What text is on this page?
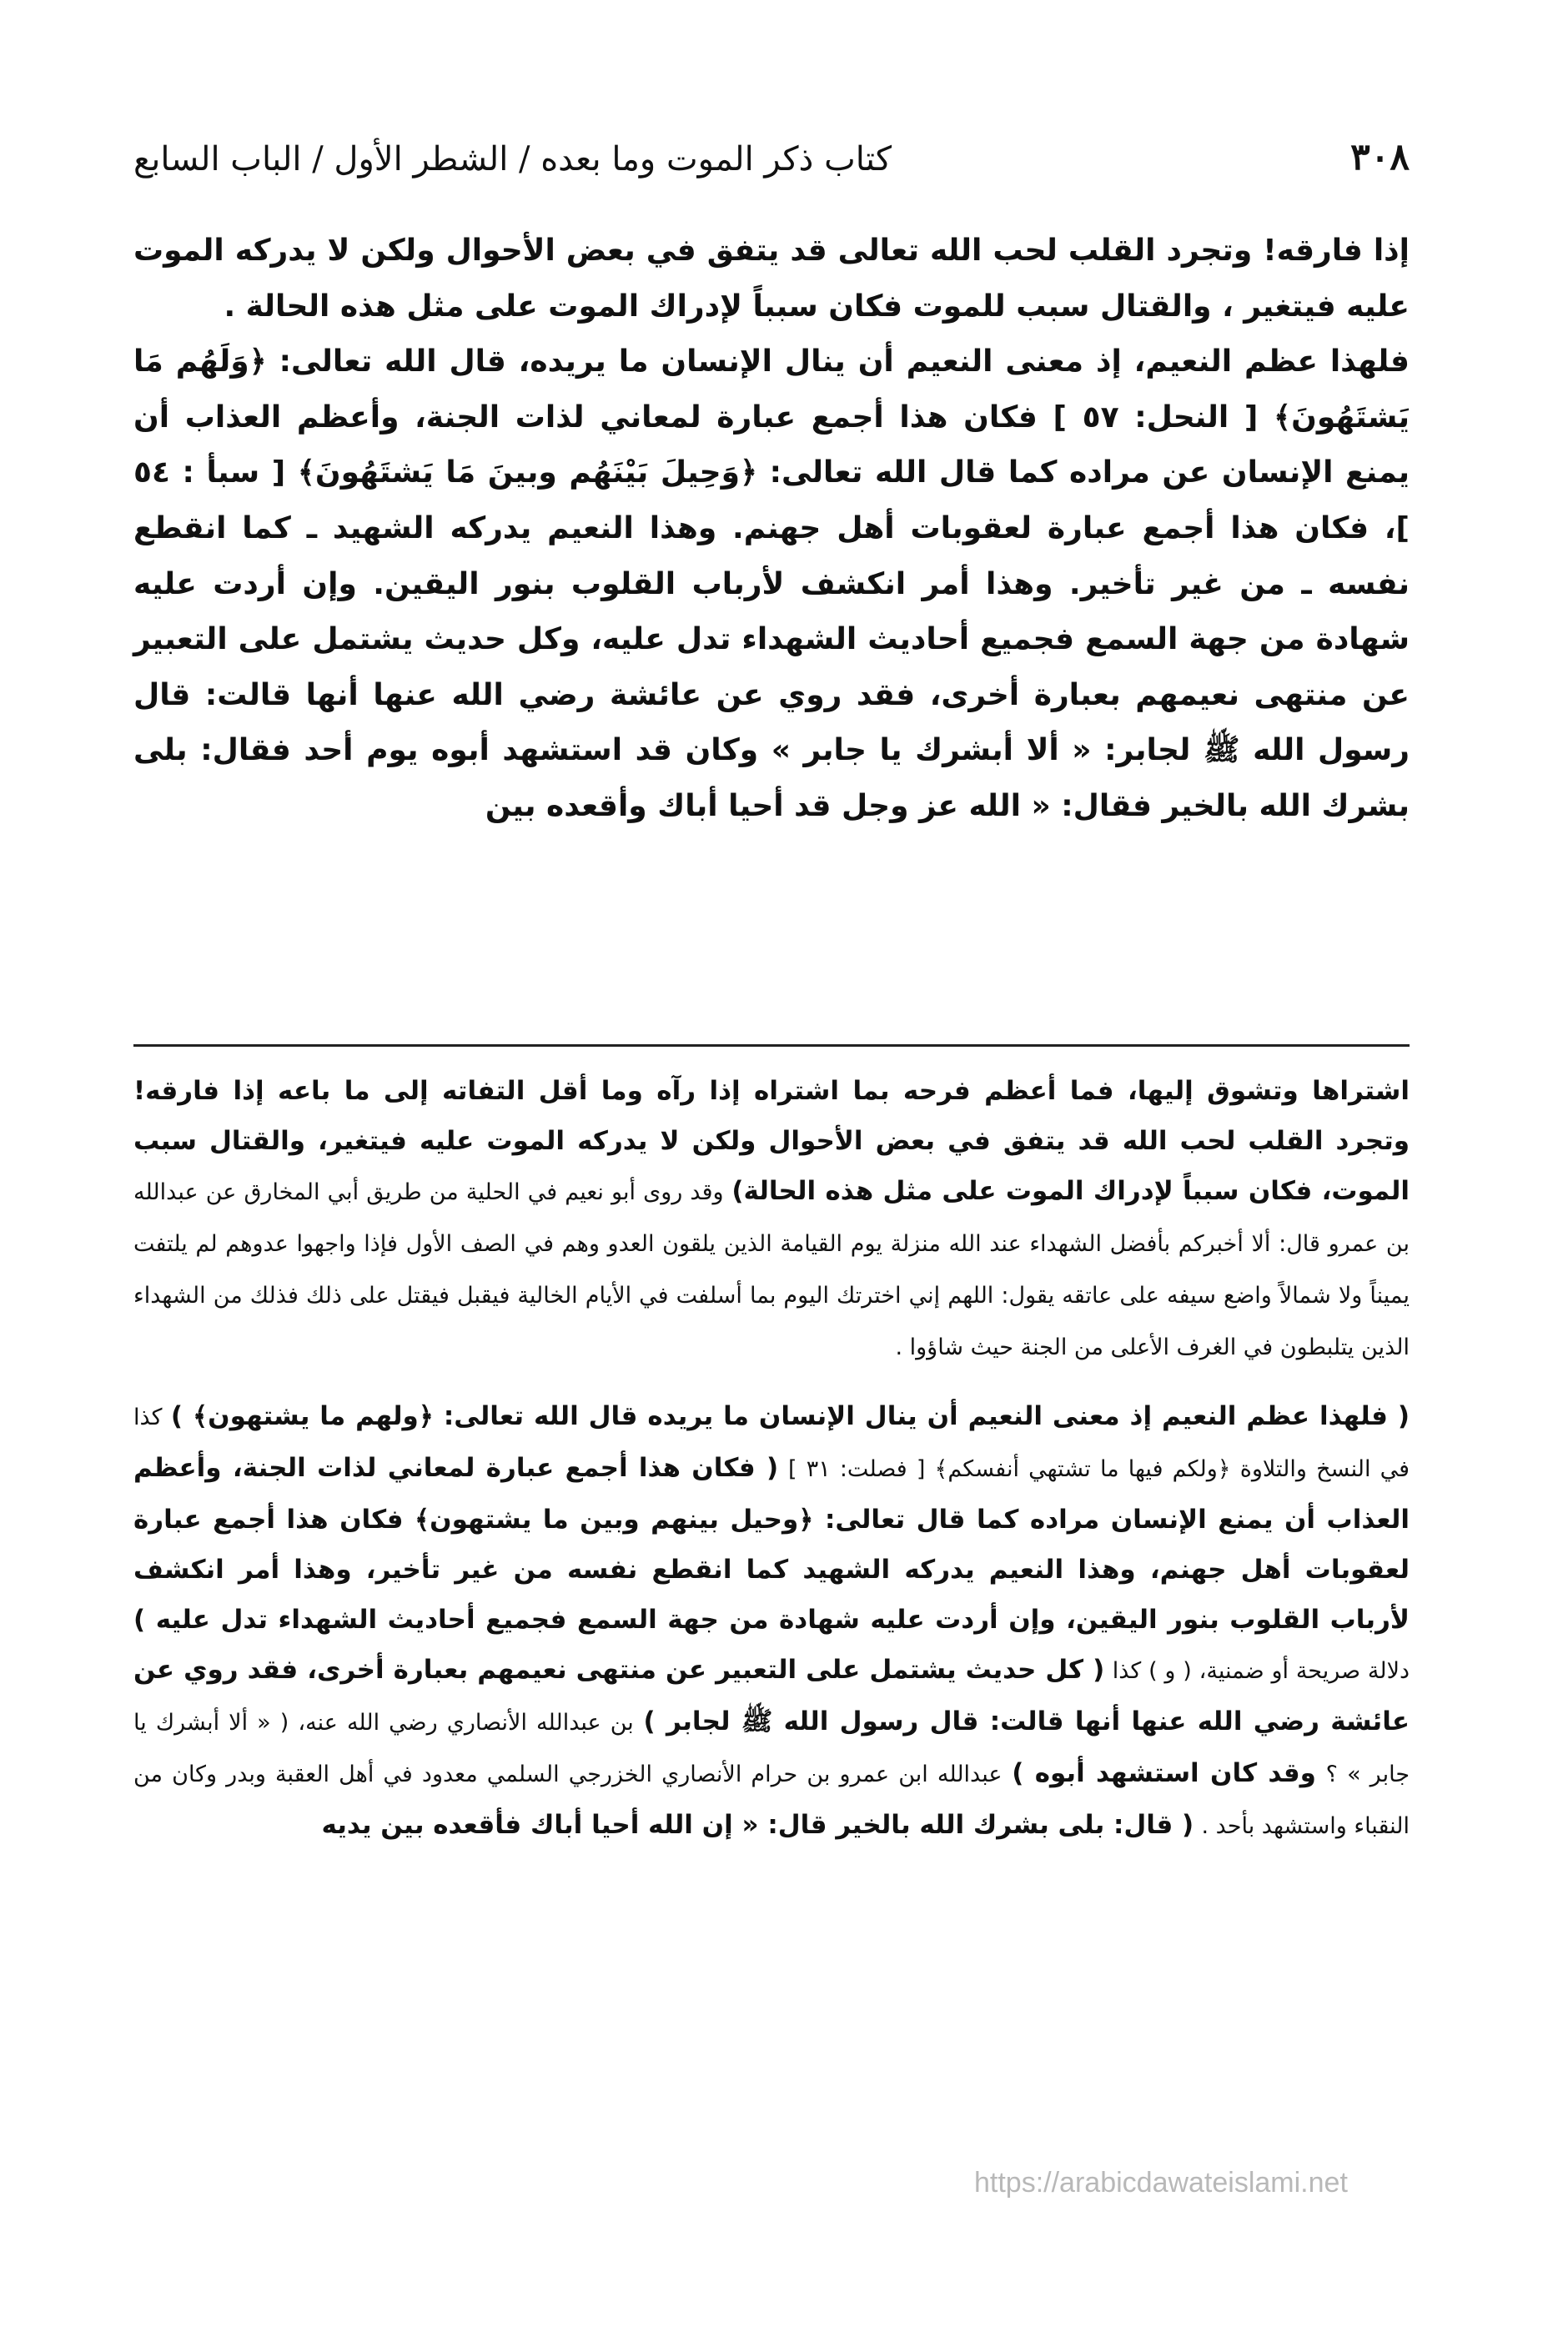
٣٠٨
كتاب ذكر الموت وما بعده / الشطر الأول / الباب السابع

إذا فارقه! وتجرد القلب لحب الله تعالى قد يتفق في بعض الأحوال ولكن لا يدركه الموت عليه فيتغير ، والقتال سبب للموت فكان سبباً لإدراك الموت على مثل هذه الحالة .

فلهذا عظم النعيم، إذ معنى النعيم أن ينال الإنسان ما يريده، قال الله تعالى: ﴿وَلَهُم مَا يَشتَهُونَ﴾ [ النحل: ٥٧ ] فكان هذا أجمع عبارة لمعاني لذات الجنة، وأعظم العذاب أن يمنع الإنسان عن مراده كما قال الله تعالى: ﴿وَحِيلَ بَيْنَهُم وبينَ مَا يَشتَهُونَ﴾ [ سبأ : ٥٤ ]، فكان هذا أجمع عبارة لعقوبات أهل جهنم. وهذا النعيم يدركه الشهيد ـ كما انقطع نفسه ـ من غير تأخير. وهذا أمر انكشف لأرباب القلوب بنور اليقين. وإن أردت عليه شهادة من جهة السمع فجميع أحاديث الشهداء تدل عليه، وكل حديث يشتمل على التعبير عن منتهى نعيمهم بعبارة أخرى، فقد روي عن عائشة رضي الله عنها أنها قالت: قال رسول الله ﷺ لجابر: « ألا أبشرك يا جابر » وكان قد استشهد أبوه يوم أحد فقال: بلى بشرك الله بالخير فقال: « الله عز وجل قد أحيا أباك وأقعده بين

اشتراها وتشوق إليها، فما أعظم فرحه بما اشتراه إذا رآه وما أقل التفاته إلى ما باعه إذا فارقه! وتجرد القلب لحب الله قد يتفق في بعض الأحوال ولكن لا يدركه الموت عليه فيتغير، والقتال سبب الموت، فكان سبباً لإدراك الموت على مثل هذه الحالة) وقد روى أبو نعيم في الحلية من طريق أبي المخارق عن عبدالله بن عمرو قال: ألا أخبركم بأفضل الشهداء عند الله منزلة يوم القيامة الذين يلقون العدو وهم في الصف الأول فإذا واجهوا عدوهم لم يلتفت يميناً ولا شمالاً واضع سيفه على عاتقه يقول: اللهم إني اخترتك اليوم بما أسلفت في الأيام الخالية فيقبل فيقتل على ذلك فذلك من الشهداء الذين يتلبطون في الغرف الأعلى من الجنة حيث شاؤوا .

( فلهذا عظم النعيم إذ معنى النعيم أن ينال الإنسان ما يريده قال الله تعالى: ﴿ولهم ما يشتهون﴾ ) كذا في النسخ والتلاوة ﴿ولكم فيها ما تشتهي أنفسكم﴾ [ فصلت: ٣١ ] ( فكان هذا أجمع عبارة لمعاني لذات الجنة، وأعظم العذاب أن يمنع الإنسان مراده كما قال تعالى: ﴿وحيل بينهم وبين ما يشتهون﴾ فكان هذا أجمع عبارة لعقوبات أهل جهنم، وهذا النعيم يدركه الشهيد كما انقطع نفسه من غير تأخير، وهذا أمر انكشف لأرباب القلوب بنور اليقين، وإن أردت عليه شهادة من جهة السمع فجميع أحاديث الشهداء تدل عليه ) دلالة صريحة أو ضمنية، ( و ) كذا ( كل حديث يشتمل على التعبير عن منتهى نعيمهم بعبارة أخرى، فقد روي عن عائشة رضي الله عنها أنها قالت: قال رسول الله ﷺ لجابر ) بن عبدالله الأنصاري رضي الله عنه، ( « ألا أبشرك يا جابر » ؟ وقد كان استشهد أبوه ) عبدالله ابن عمرو بن حرام الأنصاري الخزرجي السلمي معدود في أهل العقبة وبدر وكان من النقباء واستشهد بأحد . ( قال: بلى بشرك الله بالخير قال: « إن الله أحيا أباك فأقعده بين يديه

https://arabicdawateislami.net
